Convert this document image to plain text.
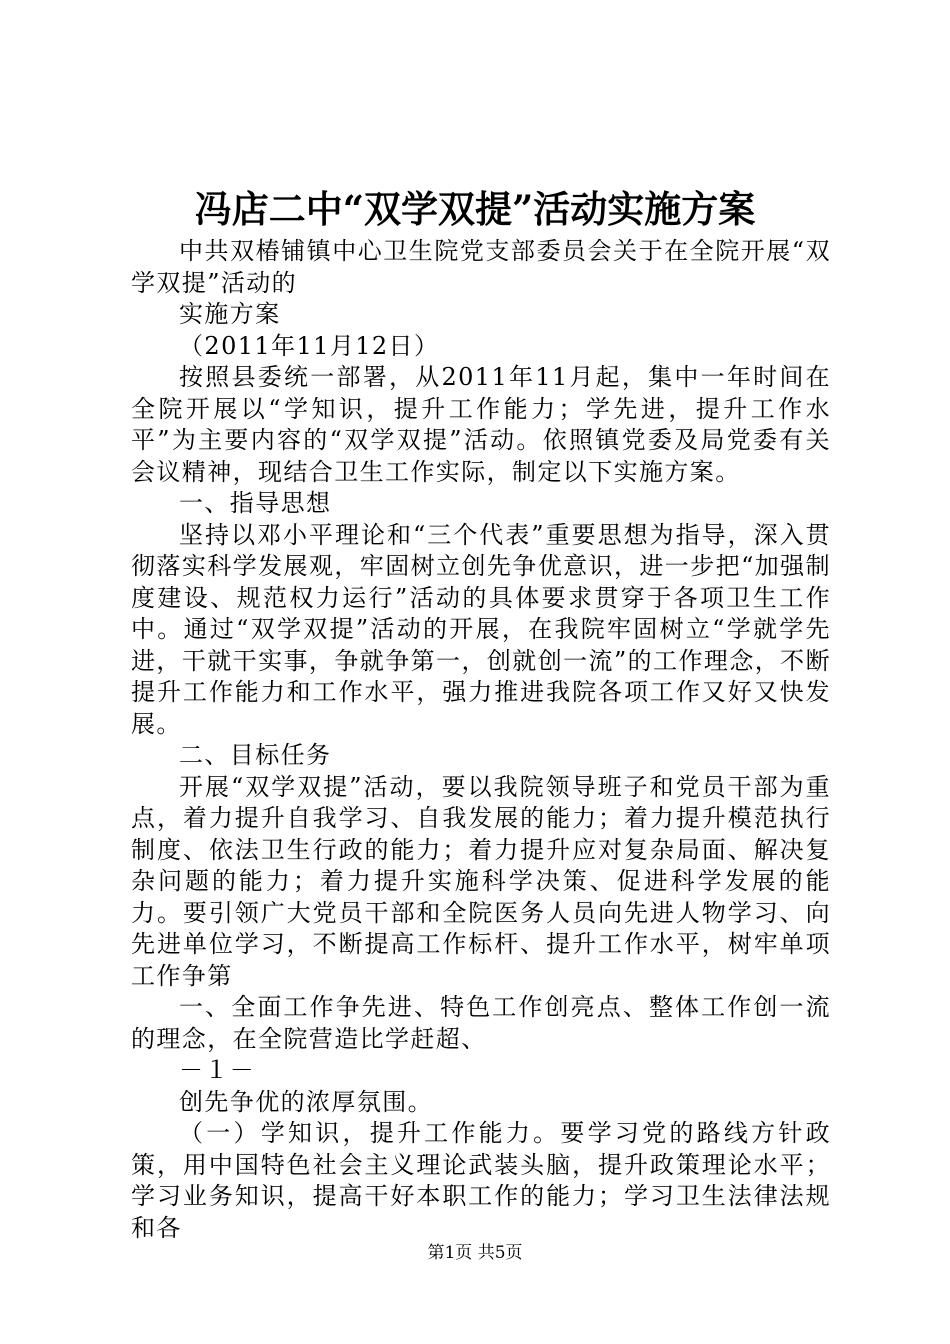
冯店二中“双学双提”活动实施方案

中共双椿铺镇中心卫生院党支部委员会关于在全院开展“双学双提”活动的

实施方案

（2011年11月12日）

按照县委统一部署，从2011年11月起，集中一年时间在全院开展以“学知识，提升工作能力；学先进，提升工作水平”为主要内容的“双学双提”活动。依照镇党委及局党委有关会议精神，现结合卫生工作实际，制定以下实施方案。

一、指导思想

坚持以邓小平理论和“三个代表”重要思想为指导，深入贯彻落实科学发展观，牢固树立创先争优意识，进一步把“加强制度建设、规范权力运行”活动的具体要求贯穿于各项卫生工作中。通过“双学双提”活动的开展，在我院牢固树立“学就学先进，干就干实事，争就争第一，创就创一流”的工作理念，不断提升工作能力和工作水平，强力推进我院各项工作又好又快发展。

二、目标任务

开展“双学双提”活动，要以我院领导班子和党员干部为重点，着力提升自我学习、自我发展的能力；着力提升模范执行制度、依法卫生行政的能力；着力提升应对复杂局面、解决复杂问题的能力；着力提升实施科学决策、促进科学发展的能力。要引领广大党员干部和全院医务人员向先进人物学习、向先进单位学习，不断提高工作标杆、提升工作水平，树牢单项工作争第

一、全面工作争先进、特色工作创亮点、整体工作创一流的理念，在全院营造比学赶超、

－１－

创先争优的浓厚氛围。

（一）学知识，提升工作能力。要学习党的路线方针政策，用中国特色社会主义理论武装头脑，提升政策理论水平；学习业务知识，提高干好本职工作的能力；学习卫生法律法规和各

第1页 共5页
